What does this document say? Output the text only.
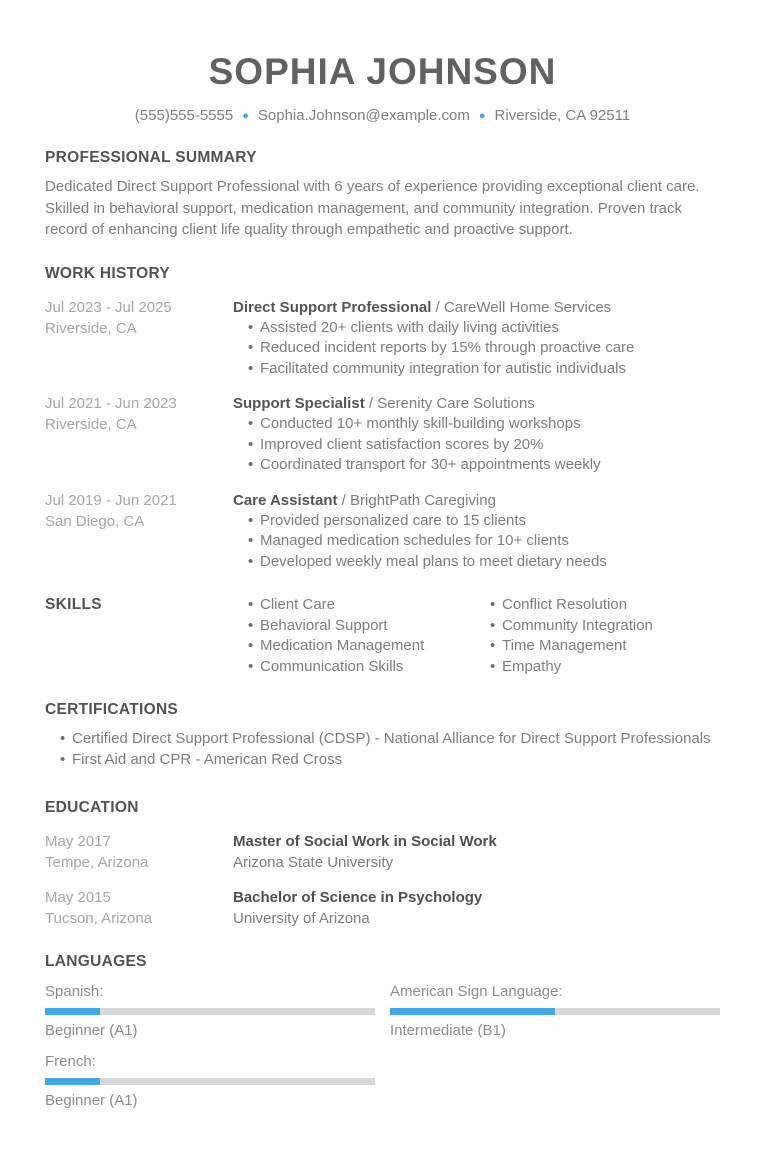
SOPHIA JOHNSON
(555)555-5555 ● Sophia.Johnson@example.com ● Riverside, CA 92511
PROFESSIONAL SUMMARY

Dedicated Direct Support Professional with 6 years of experience providing exceptional client care. Skilled in behavioral support, medication management, and community integration. Proven track record of enhancing client life quality through empathetic and proactive support.

WORK HISTORY
Jul 2023 - Jul 2025
Riverside, CA
Direct Support Professional / CareWell Home Services
• Assisted 20+ clients with daily living activities
• Reduced incident reports by 15% through proactive care
• Facilitated community integration for autistic individuals
Jul 2021 - Jun 2023
Riverside, CA
Support Specialist / Serenity Care Solutions
• Conducted 10+ monthly skill-building workshops
• Improved client satisfaction scores by 20%
• Coordinated transport for 30+ appointments weekly
Jul 2019 - Jun 2021
San Diego, CA
Care Assistant / BrightPath Caregiving
• Provided personalized care to 15 clients
• Managed medication schedules for 10+ clients
• Developed weekly meal plans to meet dietary needs
SKILLS	• Client Care
• Behavioral Support
• Medication Management
• Communication Skills
• Conflict Resolution
• Community Integration
• Time Management
• Empathy
CERTIFICATIONS
• Certified Direct Support Professional (CDSP) - National Alliance for Direct Support Professionals
• First Aid and CPR - American Red Cross
EDUCATION
May 2017
Tempe, Arizona
Master of Social Work in Social Work
Arizona State University
May 2015
Tucson, Arizona
Bachelor of Science in Psychology
University of Arizona
LANGUAGES
Spanish:
Beginner (A1)
American Sign Language:
Intermediate (B1)
French:
Beginner (A1)
